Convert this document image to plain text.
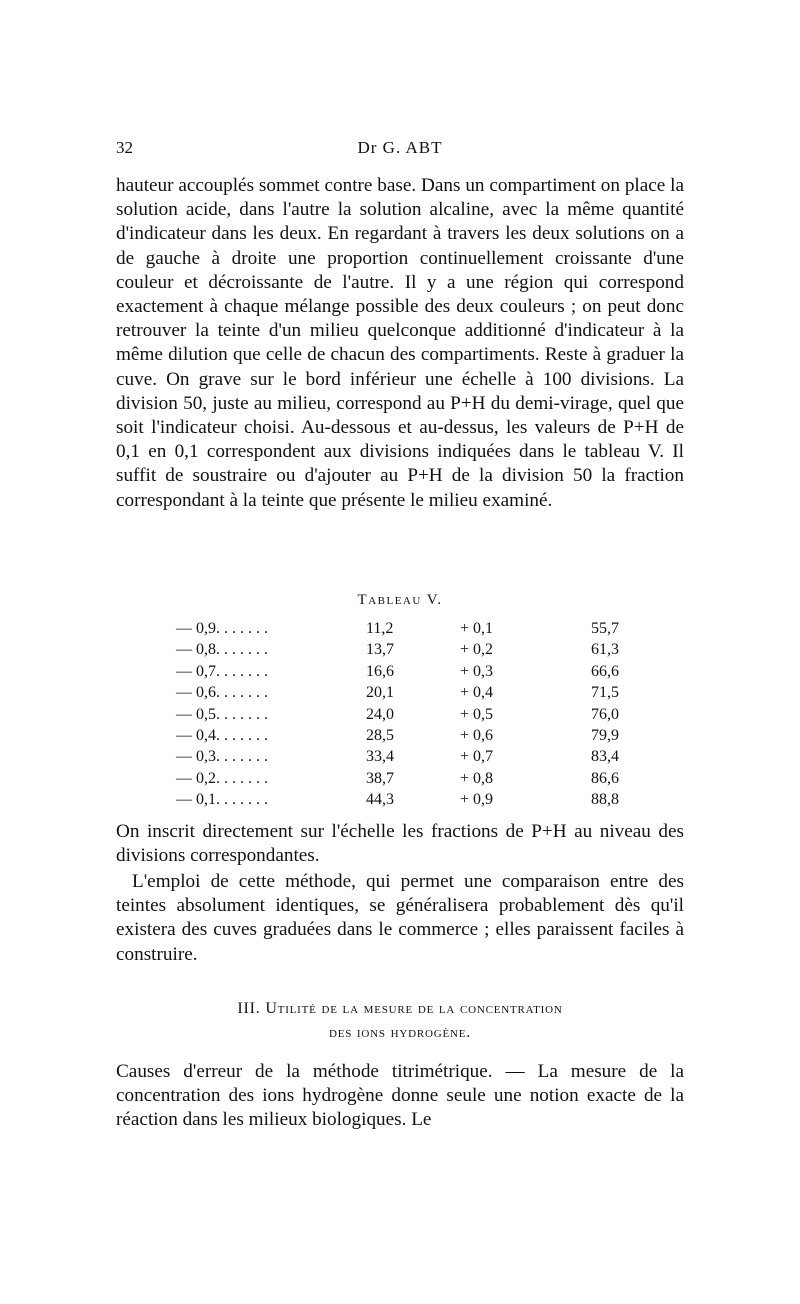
32	Dr G. ABT

hauteur accouplés sommet contre base. Dans un compartiment on place la solution acide, dans l'autre la solution alcaline, avec la même quantité d'indicateur dans les deux. En regardant à travers les deux solutions on a de gauche à droite une proportion continuellement croissante d'une couleur et décroissante de l'autre. Il y a une région qui correspond exactement à chaque mélange possible des deux couleurs ; on peut donc retrouver la teinte d'un milieu quelconque additionné d'indicateur à la même dilution que celle de chacun des compartiments. Reste à graduer la cuve. On grave sur le bord inférieur une échelle à 100 divisions. La division 50, juste au milieu, correspond au P+H du demi-virage, quel que soit l'indicateur choisi. Au-dessous et au-dessus, les valeurs de P+H de 0,1 en 0,1 correspondent aux divisions indiquées dans le tableau V. Il suffit de soustraire ou d'ajouter au P+H de la division 50 la fraction correspondant à la teinte que présente le milieu examiné.

Tableau V.
— 0,9. . . . . . .	11,2	+ 0,1	55,7
— 0,8. . . . . . .	13,7	+ 0,2	61,3
— 0,7. . . . . . .	16,6	+ 0,3	66,6
— 0,6. . . . . . .	20,1	+ 0,4	71,5
— 0,5. . . . . . .	24,0	+ 0,5	76,0
— 0,4. . . . . . .	28,5	+ 0,6	79,9
— 0,3. . . . . . .	33,4	+ 0,7	83,4
— 0,2. . . . . . .	38,7	+ 0,8	86,6
— 0,1. . . . . . .	44,3	+ 0,9	88,8

On inscrit directement sur l'échelle les fractions de P+H au niveau des divisions correspondantes.

L'emploi de cette méthode, qui permet une comparaison entre des teintes absolument identiques, se généralisera probablement dès qu'il existera des cuves graduées dans le commerce ; elles paraissent faciles à construire.

III. Utilité de la mesure de la concentration
des ions hydrogène.

Causes d'erreur de la méthode titrimétrique. — La mesure de la concentration des ions hydrogène donne seule une notion exacte de la réaction dans les milieux biologiques. Le
